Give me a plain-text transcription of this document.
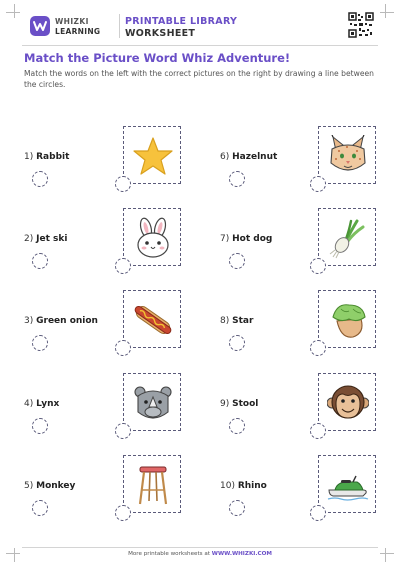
WHIZKI
LEARNING
PRINTABLE LIBRARY
WORKSHEET
Match the Picture Word Whiz Adventure!
Match the words on the left with the correct pictures on the right by drawing a line between the circles.
1) Rabbit
2) Jet ski
3) Green onion
4) Lynx
5) Monkey
6) Hazelnut
7) Hot dog
8) Star
9) Stool
10) Rhino
More printable worksheets at WWW.WHIZKI.COM
